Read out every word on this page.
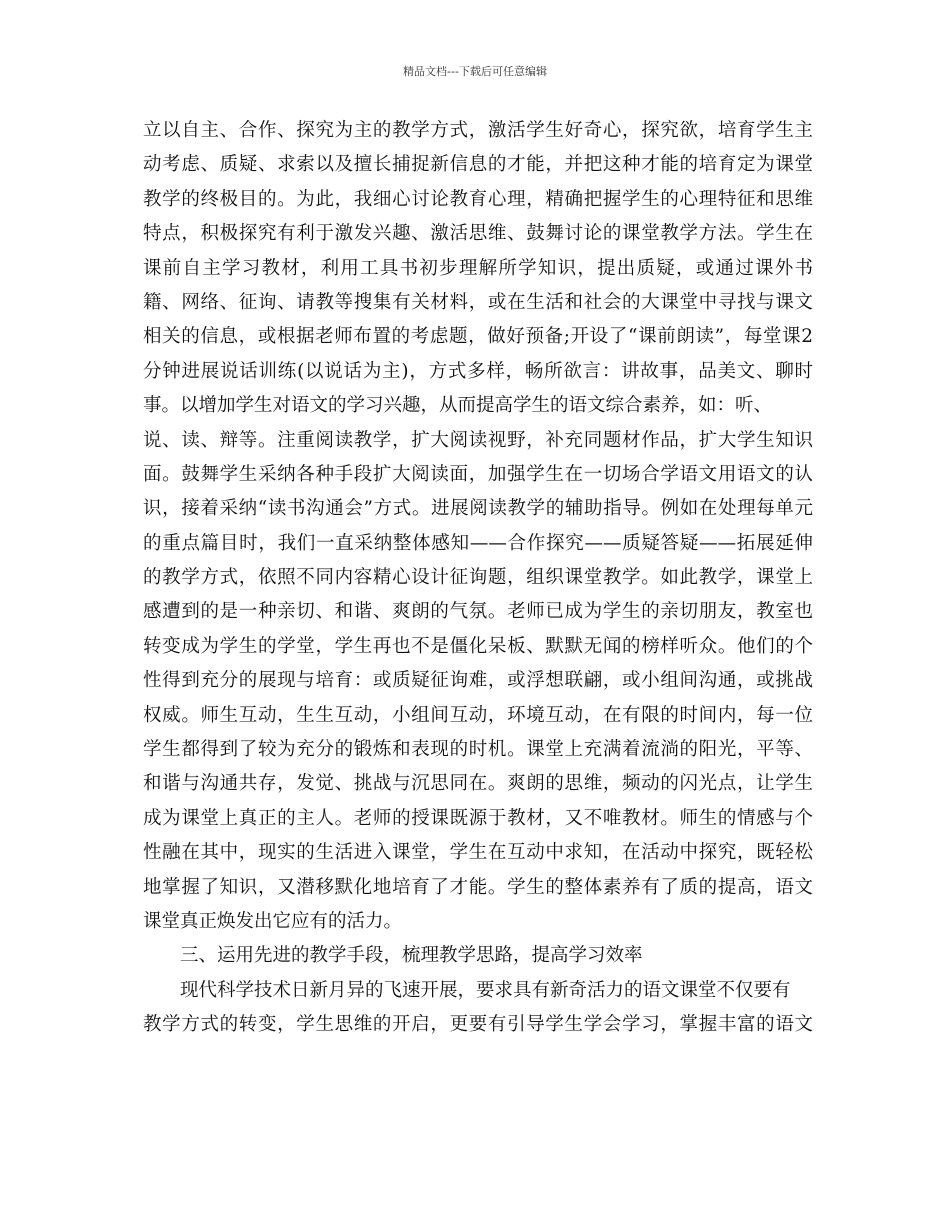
精品文档---下载后可任意编辑
立以自主、合作、探究为主的教学方式，激活学生好奇心，探究欲，培育学生主
动考虑、质疑、求索以及擅长捕捉新信息的才能，并把这种才能的培育定为课堂
教学的终极目的。为此，我细心讨论教育心理，精确把握学生的心理特征和思维
特点，积极探究有利于激发兴趣、激活思维、鼓舞讨论的课堂教学方法。学生在
课前自主学习教材，利用工具书初步理解所学知识，提出质疑，或通过课外书
籍、网络、征询、请教等搜集有关材料，或在生活和社会的大课堂中寻找与课文
相关的信息，或根据老师布置的考虑题，做好预备;开设了“课前朗读”，每堂课2
分钟进展说话训练(以说话为主)，方式多样，畅所欲言：讲故事，品美文、聊时
事。以增加学生对语文的学习兴趣，从而提高学生的语文综合素养，如：听、
说、读、辩等。注重阅读教学，扩大阅读视野，补充同题材作品，扩大学生知识
面。鼓舞学生采纳各种手段扩大阅读面，加强学生在一切场合学语文用语文的认
识，接着采纳“读书沟通会”方式。进展阅读教学的辅助指导。例如在处理每单元
的重点篇目时，我们一直采纳整体感知——合作探究——质疑答疑——拓展延伸
的教学方式，依照不同内容精心设计征询题，组织课堂教学。如此教学，课堂上
感遭到的是一种亲切、和谐、爽朗的气氛。老师已成为学生的亲切朋友，教室也
转变成为学生的学堂，学生再也不是僵化呆板、默默无闻的榜样听众。他们的个
性得到充分的展现与培育：或质疑征询难，或浮想联翩，或小组间沟通，或挑战
权威。师生互动，生生互动，小组间互动，环境互动，在有限的时间内，每一位
学生都得到了较为充分的锻炼和表现的时机。课堂上充满着流淌的阳光，平等、
和谐与沟通共存，发觉、挑战与沉思同在。爽朗的思维，频动的闪光点，让学生
成为课堂上真正的主人。老师的授课既源于教材，又不唯教材。师生的情感与个
性融在其中，现实的生活进入课堂，学生在互动中求知，在活动中探究，既轻松
地掌握了知识，又潜移默化地培育了才能。学生的整体素养有了质的提高，语文
课堂真正焕发出它应有的活力。
三、运用先进的教学手段，梳理教学思路，提高学习效率
现代科学技术日新月异的飞速开展，要求具有新奇活力的语文课堂不仅要有
教学方式的转变，学生思维的开启，更要有引导学生学会学习，掌握丰富的语文
